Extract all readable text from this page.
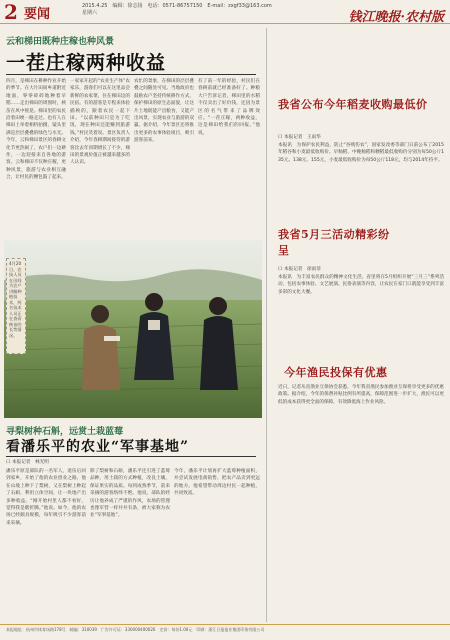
2 要闻
2015.4.25　编辑：徐志扬　电话：0571-86757150　E-mail：zxgf33@163.com
星期六	钱江晚报·农村版
云和梯田既种庄稼也种风景
一茬庄稼两种收益
四月，是梯田在耕种作业开始的季节。在大片田间乡道附近地面，零零碎碎地种着早稻……走出梯田的周围时，秧苗在风中摇晃。梯田里的农民沿着田埂一路走过。也有人在梯田上举着相机拍摄，镜头里满是层层叠叠的绿色与水光。今年，云和梯田景区的春耕文化节更热闹了，农户们一边耕作，一边迎接来自各地的游客。云和梯田不仅种庄稼，更种风景，旅游与农业相互融合，让村民的腰包鼓了起来。
一家家开起的“农业生产体”农家乐，游客们可以在这里品尝新鲜的农家菜，住在梯田边的民宿。有的游客是专程来体验插秧的，跟着农民一起下田。“以前种田只是为了吃饭，现在种田还能赚到旅游钱。”村民笑着说。景区负责人介绍，今年春耕期间接待的游客比去年同期增长了不少，梯田的景观价值正被越来越多的人认识。
农忙的景象，在梯田的层层叠叠之间随处可见。当地政府也鼓励农户坚持传统耕作方式，保护梯田的原生态面貌，让这片土地既能产出粮食，又能产出风景，实现农业与旅游的双赢。据介绍，今年景区还将推出更多的农事体验项目，吸引游客前来。
有了前一年的经验，村民们在春耕前就已经准备好了。种粮大户告诉记者，梯田里的水稻不仅卖出了好价钱，还因为景区的名气带来了品牌效应。“一茬庄稼，两种收益，这是梯田给我们的回报。”他说。
4月20日，农技人员在田间为农户讲解种植技术，两名技术人员正在查看秧苗的长势情况。
寻梨树种石斛，远赏土栽蓝莓
看潘乐平的农业“军事基地”
口 本报记者　林光明
潘乐平原是部队的一名军人，退伍后回到家乡，开始了他的农业创业之路。他在山坡上种下了梨树，又在梨树上种起了石斛，利用立体空间，让一块地产出多种收益。“刚开始村里人都不看好，觉得我是瞎折腾。”他说。如今，他的农场已经颇具规模，每年吸引不少游客前来采摘。
除了梨树和石斛，潘乐平还引进了蓝莓品种，用土栽的方式种植，改良土壤，保证果实的品质。每到成熟季节，前来采摘的游客络绎不绝。他说，部队的经历让他养成了严谨的作风，农场的管理也像军营一样井井有条，被大家称为农业“军事基地”。
今年，潘乐平计划再扩大蓝莓种植面积，并尝试发展电商销售，把农产品卖到更远的地方。他希望带动周边村民一起种植，共同致富。
我省公布今年稻麦收购最低价
口 本报记者　王雨华
本报讯　为保护农民利益，防止“谷贱伤农”，国家发改委等部门日前公布了2015年稻谷和小麦最低收购价。早籼稻、中晚籼稻和粳稻最低收购价分别为每50公斤135元、138元、155元，小麦最低收购价为每50公斤118元，均与2014年持平。
我省5月三活动精彩纷呈
口 本报记者　徐雨菲
本报讯　为丰富农民群众的精神文化生活，省里将在5月组织开展“三月三”系列活动，包括农事体验、文艺展演、民俗表演等内容，让农民在家门口就能享受到丰富多彩的文化大餐。
今年渔民投保有优惠
近日，记者从省渔业互保协会获悉，今年我省渔民参加渔业互保将享受更多的优惠政策。据介绍，今年的保费补贴比例有所提高，保障范围进一步扩大，渔民可以更低的成本获得更全面的保障，有效降低海上作业风险。
本报地址：杭州市体育场路178号　邮编：310039　广告许可证：330000400026　定价：每份1.00元　印刷：浙江日报报业集团印务有限公司
